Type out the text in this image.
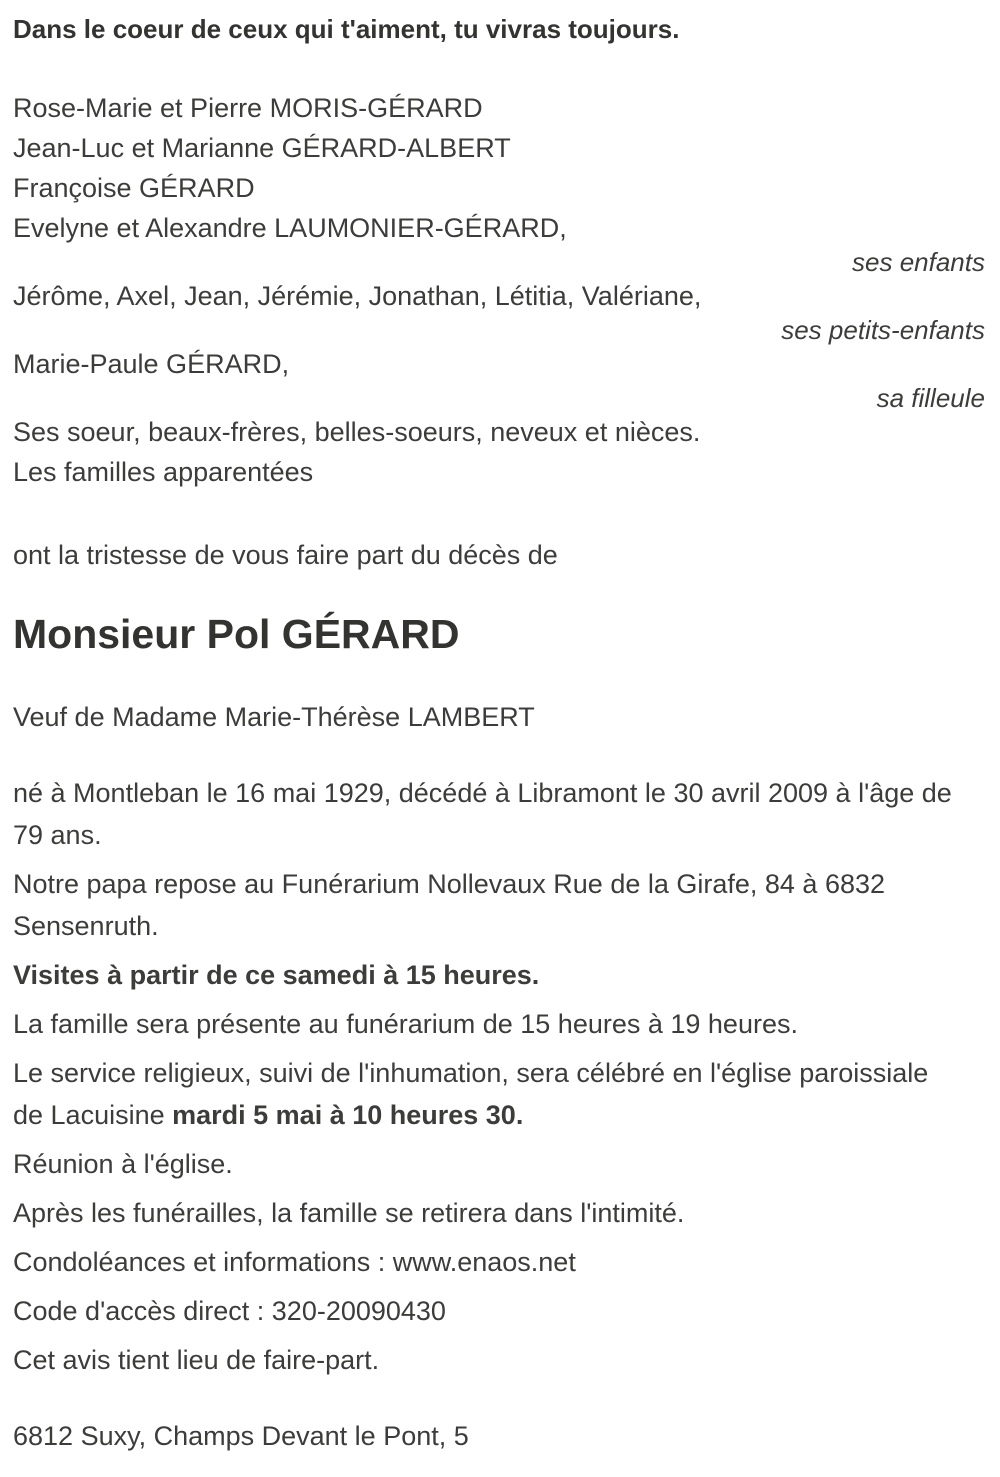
Dans le coeur de ceux qui t'aiment, tu vivras toujours.

Rose-Marie et Pierre MORIS-GÉRARD

Jean-Luc et Marianne GÉRARD-ALBERT

Françoise GÉRARD

Evelyne et Alexandre LAUMONIER-GÉRARD,

ses enfants

Jérôme, Axel, Jean, Jérémie, Jonathan, Létitia, Valériane,

ses petits-enfants

Marie-Paule GÉRARD,

sa filleule

Ses soeur, beaux-frères, belles-soeurs, neveux et nièces.

Les familles apparentées

ont la tristesse de vous faire part du décès de

Monsieur Pol GÉRARD

Veuf de Madame Marie-Thérèse LAMBERT

né à Montleban le 16 mai 1929, décédé à Libramont le 30 avril 2009 à l'âge de 79 ans.

Notre papa repose au Funérarium Nollevaux Rue de la Girafe, 84 à 6832 Sensenruth.

Visites à partir de ce samedi à 15 heures.

La famille sera présente au funérarium de 15 heures à 19 heures.

Le service religieux, suivi de l'inhumation, sera célébré en l'église paroissiale de Lacuisine mardi 5 mai à 10 heures 30.

Réunion à l'église.

Après les funérailles, la famille se retirera dans l'intimité.

Condoléances et informations : www.enaos.net

Code d'accès direct : 320-20090430

Cet avis tient lieu de faire-part.

6812 Suxy, Champs Devant le Pont, 5
